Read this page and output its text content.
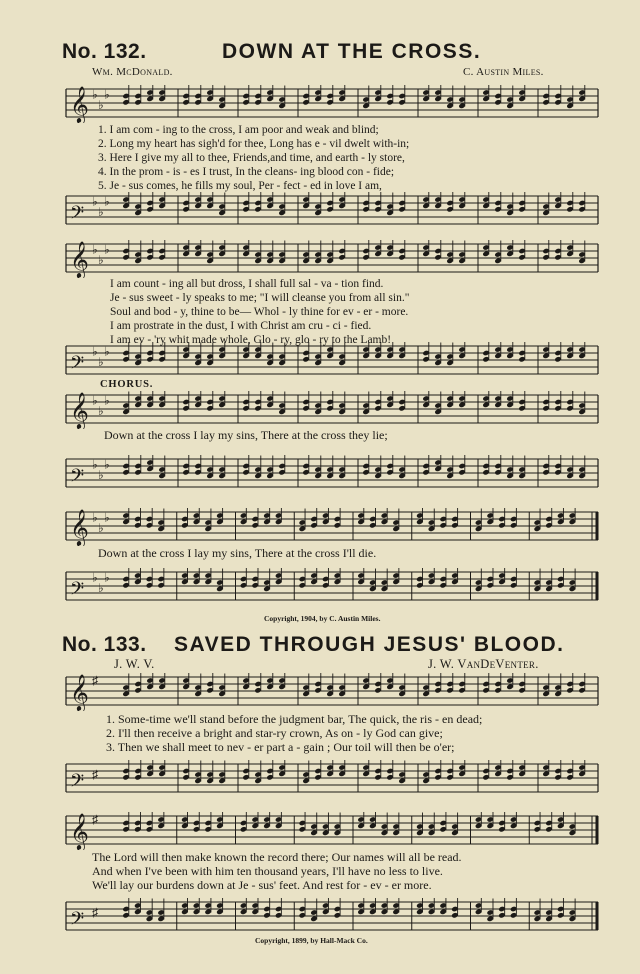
No. 132.	DOWN AT THE CROSS.
Wm. McDonald.	C. Austin Miles.
𝄞 ♭
♭
♭
1. I am com - ing to the cross, I am poor and weak and blind;
2. Long my heart has sigh'd for thee, Long has e - vil dwelt with-in;
3. Here I give my all to thee, Friends,and time, and earth - ly store,
4. In the prom - is - es I trust, In the cleans- ing blood con - fide;
5. Je - sus comes, he fills my soul, Per - fect - ed in love I am,
𝄢
♭
♭
♭
𝄞 ♭
♭
♭
I am count - ing all but dross, I shall full sal - va - tion find.
Je - sus sweet - ly speaks to me; "I will cleanse you from all sin."
Soul and bod - y, thine to be— Whol - ly thine for ev - er - more.
I am prostrate in the dust, I with Christ am cru - ci - fied.
I am ev - 'ry whit made whole, Glo - ry, glo - ry to the Lamb!
𝄢
♭
♭
♭
CHORUS.
𝄞 ♭
♭
♭
Down at the cross I lay my sins, There at the cross they lie;
𝄢
♭
♭
♭
𝄞 ♭
♭
♭
Down at the cross I lay my sins, There at the cross I'll die.
𝄢
♭
♭
♭
Copyright, 1904, by C. Austin Miles.
No. 133. SAVED THROUGH JESUS' BLOOD.
J. W. V.	J. W. VanDeVenter.
𝄞 ♯
1. Some-time we'll stand before the judgment bar, The quick, the ris - en dead;
2. I'll then receive a bright and star-ry crown, As on - ly God can give;
3. Then we shall meet to nev - er part a - gain ; Our toil will then be o'er;
𝄢 ♯
𝄞 ♯
The Lord will then make known the record there; Our names will all be read.
And when I've been with him ten thousand years, I'll have no less to live.
We'll lay our burdens down at Je - sus' feet. And rest for - ev - er more.
𝄢 ♯
Copyright, 1899, by Hall-Mack Co.
